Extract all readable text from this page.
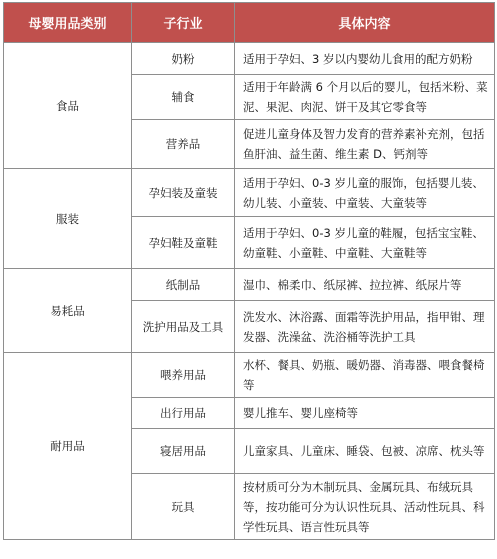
母婴用品类别	子行业	具体内容
食品	奶粉	适用于孕妇、3 岁以内婴幼儿食用的配方奶粉
	辅食	适用于年龄满 6 个月以后的婴儿，包括米粉、菜泥、果泥、肉泥、饼干及其它零食等
	营养品	促进儿童身体及智力发育的营养素补充剂，包括鱼肝油、益生菌、维生素 D、钙剂等
服装	孕妇装及童装	适用于孕妇、0-3 岁儿童的服饰，包括婴儿装、幼儿装、小童装、中童装、大童装等
	孕妇鞋及童鞋	适用于孕妇、0-3 岁儿童的鞋履，包括宝宝鞋、幼童鞋、小童鞋、中童鞋、大童鞋等
易耗品	纸制品	湿巾、棉柔巾、纸尿裤、拉拉裤、纸尿片等
	洗护用品及工具	洗发水、沐浴露、面霜等洗护用品，指甲钳、理发器、洗澡盆、洗浴桶等洗护工具
耐用品	喂养用品	水杯、餐具、奶瓶、暖奶器、消毒器、喂食餐椅等
	出行用品	婴儿推车、婴儿座椅等
	寝居用品	儿童家具、儿童床、睡袋、包被、凉席、枕头等
	玩具	按材质可分为木制玩具、金属玩具、布绒玩具等，按功能可分为认识性玩具、活动性玩具、科学性玩具、语言性玩具等
